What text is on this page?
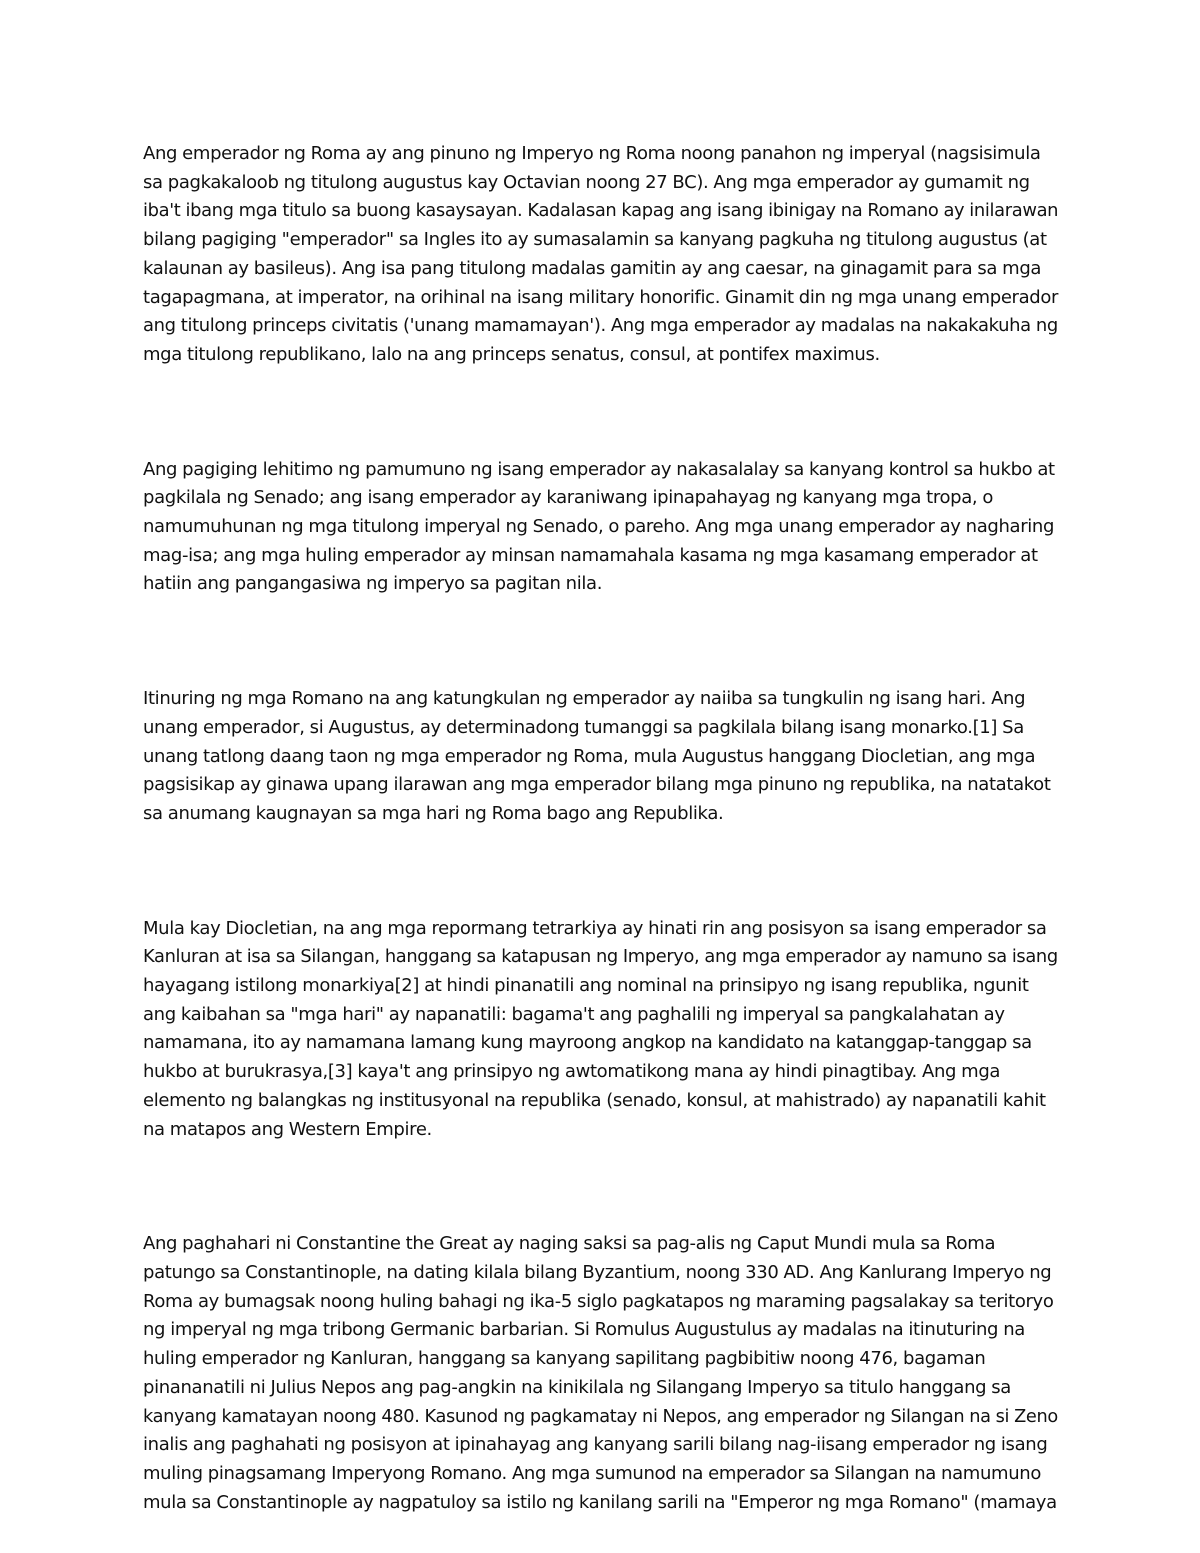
Ang emperador ng Roma ay ang pinuno ng Imperyo ng Roma noong panahon ng imperyal (nagsisimula
sa pagkakaloob ng titulong augustus kay Octavian noong 27 BC). Ang mga emperador ay gumamit ng
iba't ibang mga titulo sa buong kasaysayan. Kadalasan kapag ang isang ibinigay na Romano ay inilarawan
bilang pagiging "emperador" sa Ingles ito ay sumasalamin sa kanyang pagkuha ng titulong augustus (at
kalaunan ay basileus). Ang isa pang titulong madalas gamitin ay ang caesar, na ginagamit para sa mga
tagapagmana, at imperator, na orihinal na isang military honorific. Ginamit din ng mga unang emperador
ang titulong princeps civitatis ('unang mamamayan'). Ang mga emperador ay madalas na nakakakuha ng
mga titulong republikano, lalo na ang princeps senatus, consul, at pontifex maximus.

Ang pagiging lehitimo ng pamumuno ng isang emperador ay nakasalalay sa kanyang kontrol sa hukbo at
pagkilala ng Senado; ang isang emperador ay karaniwang ipinapahayag ng kanyang mga tropa, o
namumuhunan ng mga titulong imperyal ng Senado, o pareho. Ang mga unang emperador ay nagharing
mag-isa; ang mga huling emperador ay minsan namamahala kasama ng mga kasamang emperador at
hatiin ang pangangasiwa ng imperyo sa pagitan nila.

Itinuring ng mga Romano na ang katungkulan ng emperador ay naiiba sa tungkulin ng isang hari. Ang
unang emperador, si Augustus, ay determinadong tumanggi sa pagkilala bilang isang monarko.[1] Sa
unang tatlong daang taon ng mga emperador ng Roma, mula Augustus hanggang Diocletian, ang mga
pagsisikap ay ginawa upang ilarawan ang mga emperador bilang mga pinuno ng republika, na natatakot
sa anumang kaugnayan sa mga hari ng Roma bago ang Republika.

Mula kay Diocletian, na ang mga repormang tetrarkiya ay hinati rin ang posisyon sa isang emperador sa
Kanluran at isa sa Silangan, hanggang sa katapusan ng Imperyo, ang mga emperador ay namuno sa isang
hayagang istilong monarkiya[2] at hindi pinanatili ang nominal na prinsipyo ng isang republika, ngunit
ang kaibahan sa "mga hari" ay napanatili: bagama't ang paghalili ng imperyal sa pangkalahatan ay
namamana, ito ay namamana lamang kung mayroong angkop na kandidato na katanggap-tanggap sa
hukbo at burukrasya,[3] kaya't ang prinsipyo ng awtomatikong mana ay hindi pinagtibay. Ang mga
elemento ng balangkas ng institusyonal na republika (senado, konsul, at mahistrado) ay napanatili kahit
na matapos ang Western Empire.

Ang paghahari ni Constantine the Great ay naging saksi sa pag-alis ng Caput Mundi mula sa Roma
patungo sa Constantinople, na dating kilala bilang Byzantium, noong 330 AD. Ang Kanlurang Imperyo ng
Roma ay bumagsak noong huling bahagi ng ika-5 siglo pagkatapos ng maraming pagsalakay sa teritoryo
ng imperyal ng mga tribong Germanic barbarian. Si Romulus Augustulus ay madalas na itinuturing na
huling emperador ng Kanluran, hanggang sa kanyang sapilitang pagbibitiw noong 476, bagaman
pinananatili ni Julius Nepos ang pag-angkin na kinikilala ng Silangang Imperyo sa titulo hanggang sa
kanyang kamatayan noong 480. Kasunod ng pagkamatay ni Nepos, ang emperador ng Silangan na si Zeno
inalis ang paghahati ng posisyon at ipinahayag ang kanyang sarili bilang nag-iisang emperador ng isang
muling pinagsamang Imperyong Romano. Ang mga sumunod na emperador sa Silangan na namumuno
mula sa Constantinople ay nagpatuloy sa istilo ng kanilang sarili na "Emperor ng mga Romano" (mamaya
